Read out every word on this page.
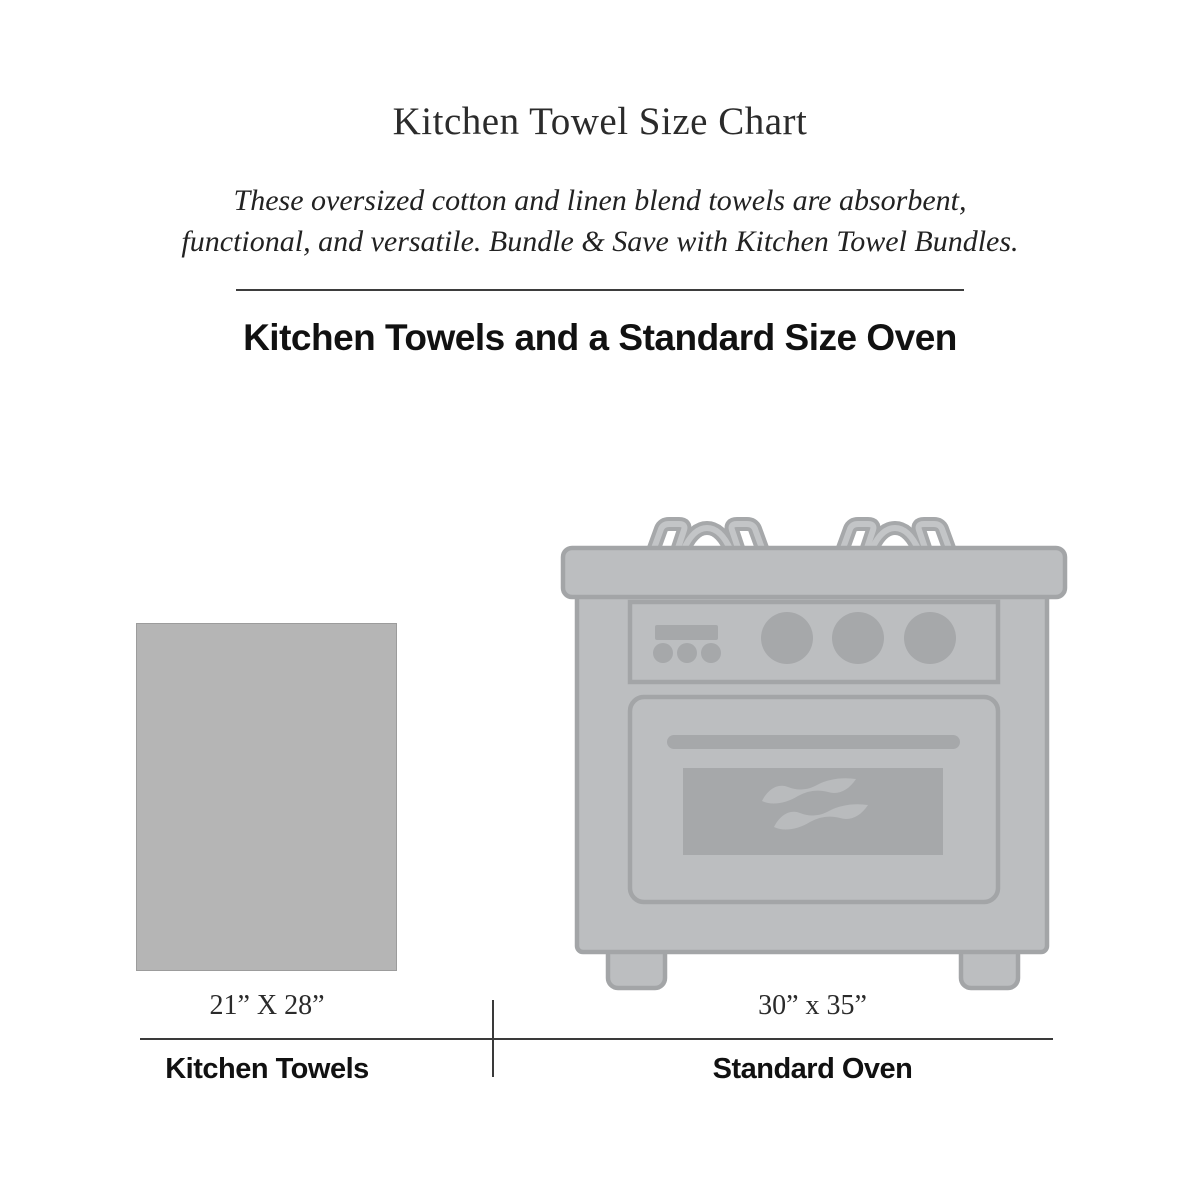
Kitchen Towel Size Chart

These oversized cotton and linen blend towels are absorbent,
functional, and versatile. Bundle & Save with Kitchen Towel Bundles.

Kitchen Towels and a Standard Size Oven

21” X 28”	30” x 35”

Kitchen Towels	Standard Oven
